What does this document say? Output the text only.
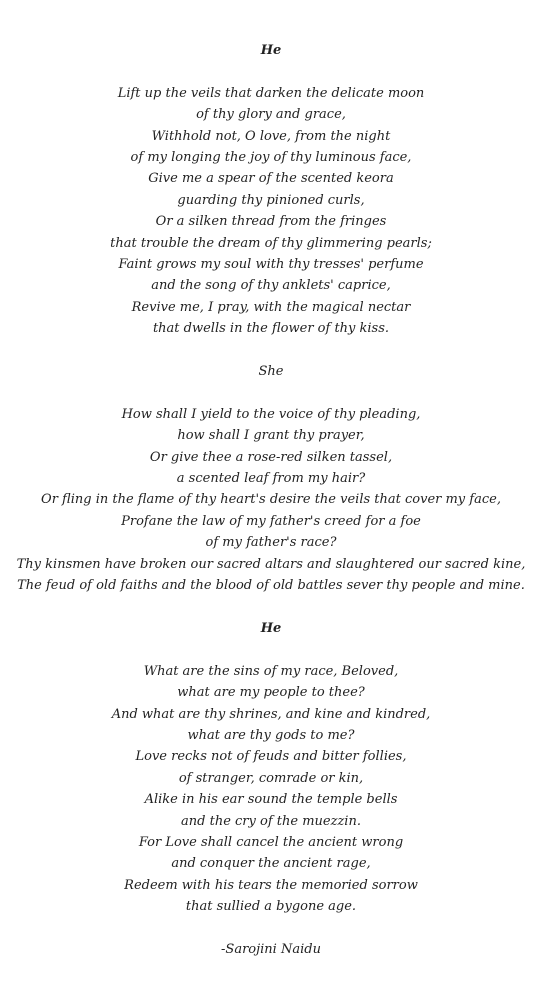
He

Lift up the veils that darken the delicate moon
of thy glory and grace,
Withhold not, O love, from the night
of my longing the joy of thy luminous face,
Give me a spear of the scented keora
guarding thy pinioned curls,
Or a silken thread from the fringes
that trouble the dream of thy glimmering pearls;
Faint grows my soul with thy tresses' perfume
and the song of thy anklets' caprice,
Revive me, I pray, with the magical nectar
that dwells in the flower of thy kiss.

She

How shall I yield to the voice of thy pleading,
how shall I grant thy prayer,
Or give thee a rose-red silken tassel,
a scented leaf from my hair?
Or fling in the flame of thy heart's desire the veils that cover my face,
Profane the law of my father's creed for a foe
of my father's race?
Thy kinsmen have broken our sacred altars and slaughtered our sacred kine,
The feud of old faiths and the blood of old battles sever thy people and mine.

He

What are the sins of my race, Beloved,
what are my people to thee?
And what are thy shrines, and kine and kindred,
what are thy gods to me?
Love recks not of feuds and bitter follies,
of stranger, comrade or kin,
Alike in his ear sound the temple bells
and the cry of the muezzin.
For Love shall cancel the ancient wrong
and conquer the ancient rage,
Redeem with his tears the memoried sorrow
that sullied a bygone age.

-Sarojini Naidu
